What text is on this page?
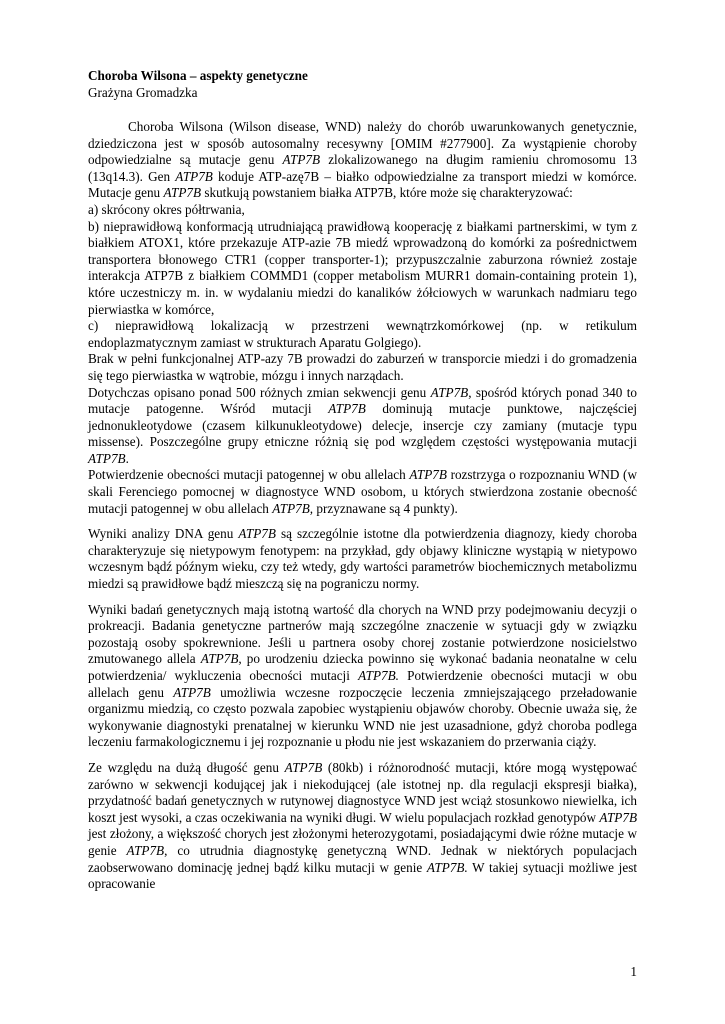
Choroba Wilsona – aspekty genetyczne
Grażyna Gromadzka

Choroba Wilsona (Wilson disease, WND) należy do chorób uwarunkowanych genetycznie, dziedziczona jest w sposób autosomalny recesywny [OMIM #277900]. Za wystąpienie choroby odpowiedzialne są mutacje genu ATP7B zlokalizowanego na długim ramieniu chromosomu 13 (13q14.3). Gen ATP7B koduje ATP-azę7B – białko odpowiedzialne za transport miedzi w komórce. Mutacje genu ATP7B skutkują powstaniem białka ATP7B, które może się charakteryzować:

a) skrócony okres półtrwania,

b) nieprawidłową konformacją utrudniającą prawidłową kooperację z białkami partnerskimi, w tym z białkiem ATOX1, które przekazuje ATP-azie 7B miedź wprowadzoną do komórki za pośrednictwem transportera błonowego CTR1 (copper transporter-1); przypuszczalnie zaburzona również zostaje interakcja ATP7B z białkiem COMMD1 (copper metabolism MURR1 domain-containing protein 1), które uczestniczy m. in. w wydalaniu miedzi do kanalików żółciowych w warunkach nadmiaru tego pierwiastka w komórce,

c) nieprawidłową lokalizacją w przestrzeni wewnątrzkomórkowej (np. w retikulum endoplazmatycznym zamiast w strukturach Aparatu Golgiego).

Brak w pełni funkcjonalnej ATP-azy 7B prowadzi do zaburzeń w transporcie miedzi i do gromadzenia się tego pierwiastka w wątrobie, mózgu i innych narządach.

Dotychczas opisano ponad 500 różnych zmian sekwencji genu ATP7B, spośród których ponad 340 to mutacje patogenne. Wśród mutacji ATP7B dominują mutacje punktowe, najczęściej jednonukleotydowe (czasem kilkunukleotydowe) delecje, insercje czy zamiany (mutacje typu missense). Poszczególne grupy etniczne różnią się pod względem częstości występowania mutacji ATP7B.

Potwierdzenie obecności mutacji patogennej w obu allelach ATP7B rozstrzyga o rozpoznaniu WND (w skali Ferenciego pomocnej w diagnostyce WND osobom, u których stwierdzona zostanie obecność mutacji patogennej w obu allelach ATP7B, przyznawane są 4 punkty).

Wyniki analizy DNA genu ATP7B są szczególnie istotne dla potwierdzenia diagnozy, kiedy choroba charakteryzuje się nietypowym fenotypem: na przykład, gdy objawy kliniczne wystąpią w nietypowo wczesnym bądź późnym wieku, czy też wtedy, gdy wartości parametrów biochemicznych metabolizmu miedzi są prawidłowe bądź mieszczą się na pograniczu normy.

Wyniki badań genetycznych mają istotną wartość dla chorych na WND przy podejmowaniu decyzji o prokreacji. Badania genetyczne partnerów mają szczególne znaczenie w sytuacji gdy w związku pozostają osoby spokrewnione. Jeśli u partnera osoby chorej zostanie potwierdzone nosicielstwo zmutowanego allela ATP7B, po urodzeniu dziecka powinno się wykonać badania neonatalne w celu potwierdzenia/ wykluczenia obecności mutacji ATP7B. Potwierdzenie obecności mutacji w obu allelach genu ATP7B umożliwia wczesne rozpoczęcie leczenia zmniejszającego przeładowanie organizmu miedzią, co często pozwala zapobiec wystąpieniu objawów choroby. Obecnie uważa się, że wykonywanie diagnostyki prenatalnej w kierunku WND nie jest uzasadnione, gdyż choroba podlega leczeniu farmakologicznemu i jej rozpoznanie u płodu nie jest wskazaniem do przerwania ciąży.

Ze względu na dużą długość genu ATP7B (80kb) i różnorodność mutacji, które mogą występować zarówno w sekwencji kodującej jak i niekodującej (ale istotnej np. dla regulacji ekspresji białka), przydatność badań genetycznych w rutynowej diagnostyce WND jest wciąż stosunkowo niewielka, ich koszt jest wysoki, a czas oczekiwania na wyniki długi. W wielu populacjach rozkład genotypów ATP7B jest złożony, a większość chorych jest złożonymi heterozygotami, posiadającymi dwie różne mutacje w genie ATP7B, co utrudnia diagnostykę genetyczną WND. Jednak w niektórych populacjach zaobserwowano dominację jednej bądź kilku mutacji w genie ATP7B. W takiej sytuacji możliwe jest opracowanie

1
